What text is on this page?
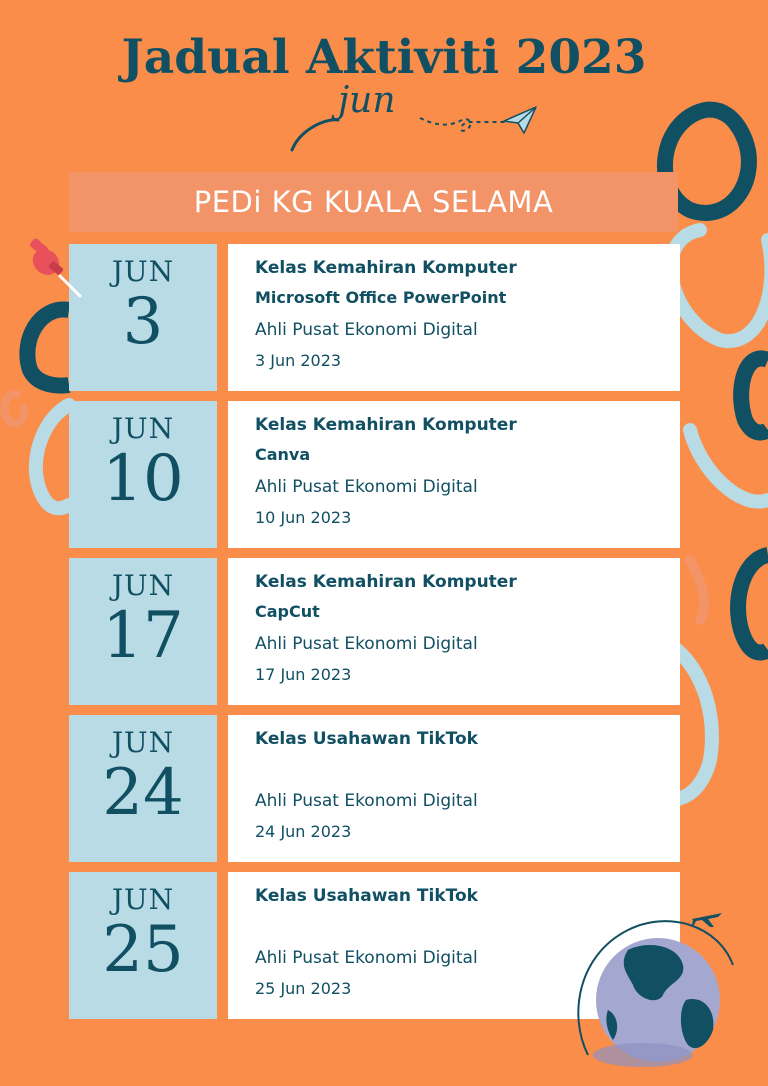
Jadual Aktiviti 2023
jun
PEDi KG KUALA SELAMA
JUN
3
Kelas Kemahiran Komputer
Microsoft Office PowerPoint
Ahli Pusat Ekonomi Digital
3 Jun 2023
JUN
10
Kelas Kemahiran Komputer
Canva
Ahli Pusat Ekonomi Digital
10 Jun 2023
JUN
17
Kelas Kemahiran Komputer
CapCut
Ahli Pusat Ekonomi Digital
17 Jun 2023
JUN
24
Kelas Usahawan TikTok
Ahli Pusat Ekonomi Digital
24 Jun 2023
JUN
25
Kelas Usahawan TikTok
Ahli Pusat Ekonomi Digital
25 Jun 2023
